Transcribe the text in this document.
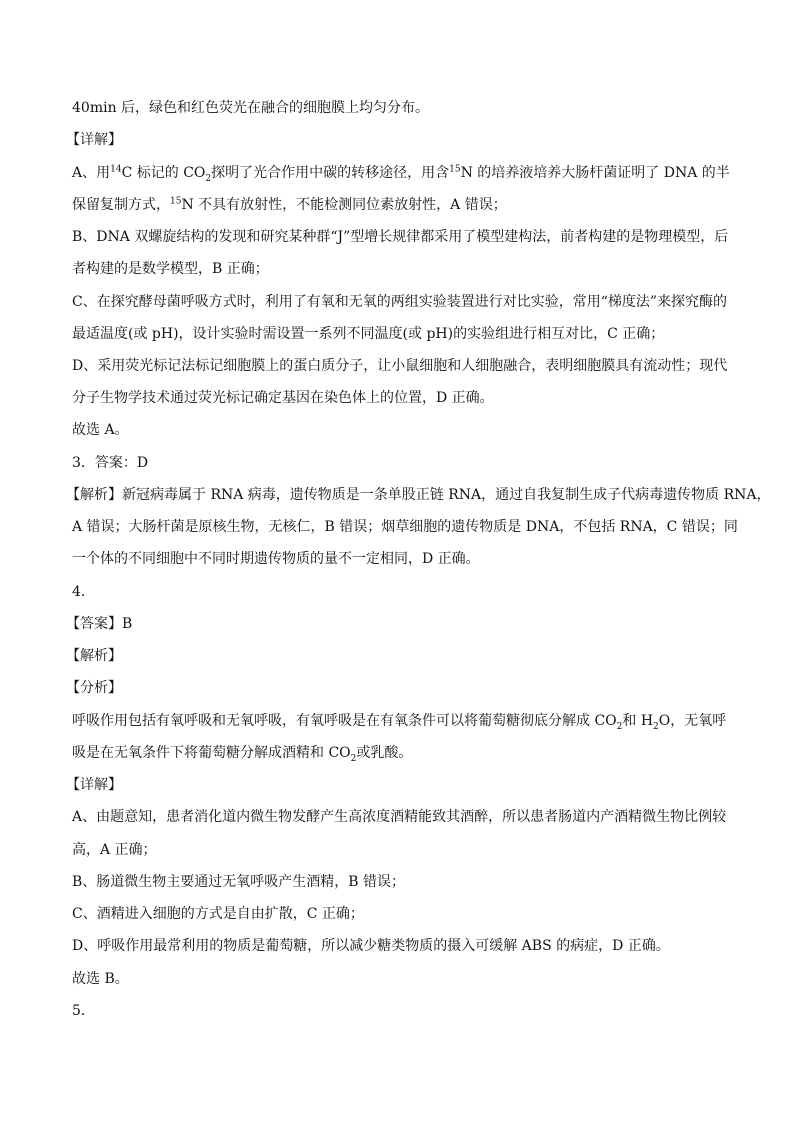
40min 后，绿色和红色荧光在融合的细胞膜上均匀分布。
【详解】
A、用$^{14}$C 标记的 $CO_2$探明了光合作用中碳的转移途径，用含$^{15}$N 的培养液培养大肠杆菌证明了 DNA 的半
保留复制方式，$^{15}$N 不具有放射性，不能检测同位素放射性，A 错误；
B、DNA 双螺旋结构的发现和研究某种群“J”型增长规律都采用了模型建构法，前者构建的是物理模型，后
者构建的是数学模型，B 正确；
C、在探究酵母菌呼吸方式时，利用了有氧和无氧的两组实验装置进行对比实验，常用“梯度法”来探究酶的
最适温度(或 pH)，设计实验时需设置一系列不同温度(或 pH)的实验组进行相互对比，C 正确；
D、采用荧光标记法标记细胞膜上的蛋白质分子，让小鼠细胞和人细胞融合，表明细胞膜具有流动性；现代
分子生物学技术通过荧光标记确定基因在染色体上的位置，D 正确。
故选 A。
3．答案：D
【解析】新冠病毒属于 RNA 病毒，遗传物质是一条单股正链 RNA，通过自我复制生成子代病毒遗传物质 RNA，
A 错误；大肠杆菌是原核生物，无核仁，B 错误；烟草细胞的遗传物质是 DNA，不包括 RNA，C 错误；同
一个体的不同细胞中不同时期遗传物质的量不一定相同，D 正确。
4．
【答案】B
【解析】
【分析】
呼吸作用包括有氧呼吸和无氧呼吸，有氧呼吸是在有氧条件可以将葡萄糖彻底分解成 $CO_2$和 $H_2O$，无氧呼
吸是在无氧条件下将葡萄糖分解成酒精和 $CO_2$或乳酸。
【详解】
A、由题意知，患者消化道内微生物发酵产生高浓度酒精能致其酒醉，所以患者肠道内产酒精微生物比例较
高，A 正确；
B、肠道微生物主要通过无氧呼吸产生酒精，B 错误；
C、酒精进入细胞的方式是自由扩散，C 正确；
D、呼吸作用最常利用的物质是葡萄糖，所以减少糖类物质的摄入可缓解 ABS 的病症，D 正确。
故选 B。
5．
